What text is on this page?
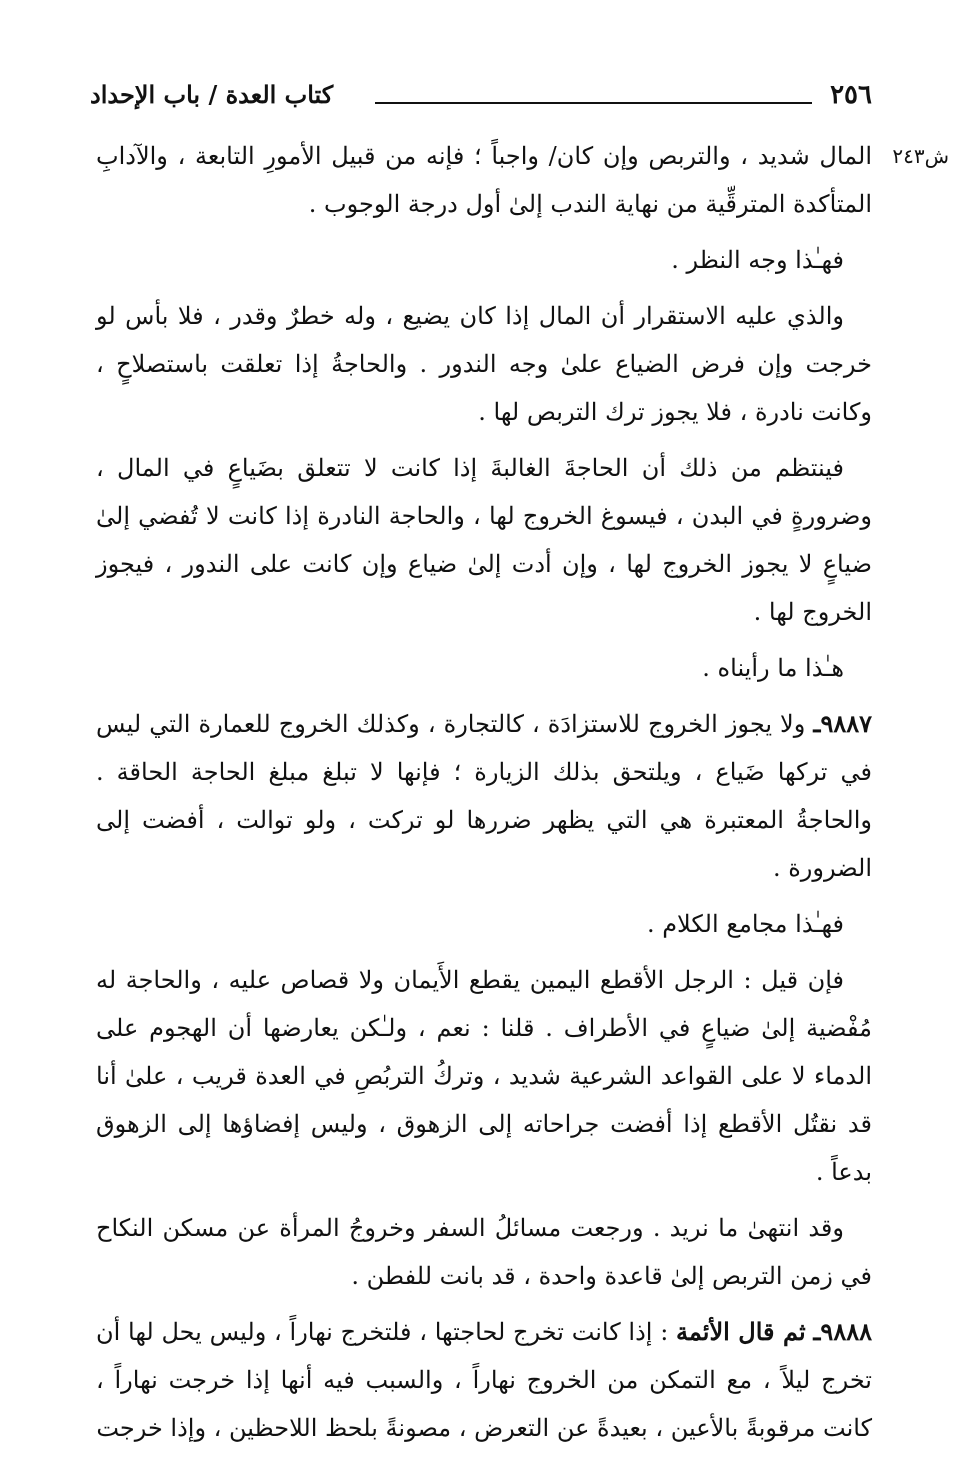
٢٥٦
كتاب العدة / باب الإحداد
ش٢٤٣

المال شديد ، والتربص وإن كان/ واجباً ؛ فإنه من قبيل الأمورِ التابعة ، والآدابِ المتأكدة المترقِّية من نهاية الندب إلىٰ أول درجة الوجوب .

فهـٰذا وجه النظر .

والذي عليه الاستقرار أن المال إذا كان يضيع ، وله خطرٌ وقدر ، فلا بأس لو خرجت وإن فرض الضياع علىٰ وجه الندور . والحاجةُ إذا تعلقت باستصلاحٍ ، وكانت نادرة ، فلا يجوز ترك التربص لها .

فينتظم من ذلك أن الحاجةَ الغالبةَ إذا كانت لا تتعلق بضَياعٍ في المال ، وضرورةٍ في البدن ، فيسوغ الخروج لها ، والحاجة النادرة إذا كانت لا تُفضي إلىٰ ضياعٍ لا يجوز الخروج لها ، وإن أدت إلىٰ ضياع وإن كانت على الندور ، فيجوز الخروج لها .

هـٰذا ما رأيناه .

٩٨٨٧ـ ولا يجوز الخروج للاستزادَة ، كالتجارة ، وكذلك الخروج للعمارة التي ليس في تركها ضَياع ، ويلتحق بذلك الزيارة ؛ فإنها لا تبلغ مبلغ الحاجة الحاقة . والحاجةُ المعتبرة هي التي يظهر ضررها لو تركت ، ولو توالت ، أفضت إلى الضرورة .

فهـٰذا مجامع الكلام .

فإن قيل : الرجل الأقطع اليمين يقطع الأَيمان ولا قصاص عليه ، والحاجة له مُفْضية إلىٰ ضياعٍ في الأطراف . قلنا : نعم ، ولـٰكن يعارضها أن الهجوم على الدماء لا على القواعد الشرعية شديد ، وتركُ التربُصِ في العدة قريب ، علىٰ أنا قد نقتُل الأقطع إذا أفضت جراحاته إلى الزهوق ، وليس إفضاؤها إلى الزهوق بدعاً .

وقد انتهىٰ ما نريد . ورجعت مسائلُ السفر وخروجُ المرأة عن مسكن النكاح في زمن التربص إلىٰ قاعدة واحدة ، قد بانت للفطن .

٩٨٨٨ـ ثم قال الأئمة : إذا كانت تخرج لحاجتها ، فلتخرج نهاراً ، وليس يحل لها أن تخرج ليلاً ، مع التمكن من الخروج نهاراً ، والسبب فيه أنها إذا خرجت نهاراً ، كانت مرقوبةً بالأعين ، بعيدةً عن التعرض ، مصونةً بلحظ اللاحظين ، وإذا خرجت
